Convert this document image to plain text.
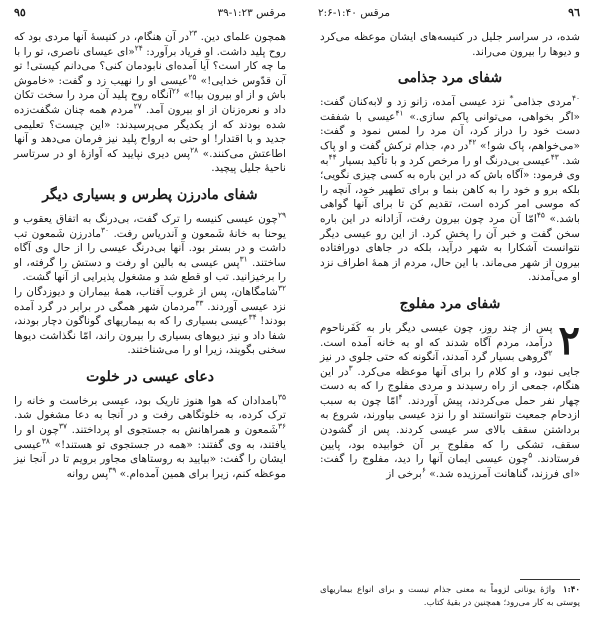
مرقس ۱:۲۳-۳۹
٩٥

همچون علمای دین. $^{۲۳}$در آن هنگام، در کنیسهٔ آنها مردی بود که روح پلید داشت. او فریاد برآورد: $^{۲۴}$«ای عیسای ناصری، تو را با ما چه کار است؟ آیا آمده‌ای نابودمان کنی؟ می‌دانم کیستی! تو آن قدّوس خدایی!» $^{۲۵}$عیسی او را نهیب زد و گفت: «خاموش باش و از او بیرون بیا!» $^{۲۶}$آنگاه روح پلید آن مرد را سخت تکان داد و نعره‌زنان از او بیرون آمد. $^{۲۷}$مردم همه چنان شگفت‌زده شده بودند که از یکدیگر می‌پرسیدند: «این چیست؟ تعلیمی جدید و با اقتدار! او حتی به ارواح پلید نیز فرمان می‌دهد و آنها اطاعتش می‌کنند.» $^{۲۸}$پس دیری نپایید که آوازهٔ او در سرتاسر ناحیهٔ جلیل پیچید.

شفای مادرزن پطرس و بسیاری دیگر

$^{۲۹}$چون عیسی کنیسه را ترک گفت، بی‌درنگ به اتفاق یعقوب و یوحنا به خانهٔ شَمعون و آندریاس رفت. $^{۳۰}$مادرزن شَمعون تب داشت و در بستر بود. آنها بی‌درنگ عیسی را از حال وی آگاه ساختند. $^{۳۱}$پس عیسی به بالین او رفت و دستش را گرفته، او را برخیزانید. تب او قطع شد و مشغول پذیرایی از آنها گشت.

$^{۳۲}$شامگاهان، پس از غروب آفتاب، همهٔ بیماران و دیوزدگان را نزد عیسی آوردند. $^{۳۳}$مردمان شهر همگی در برابر در گرد آمده بودند! $^{۳۴}$عیسی بسیاری را که به بیماریهای گوناگون دچار بودند، شفا داد و نیز دیوهای بسیاری را بیرون راند، امّا نگذاشت دیوها سخنی بگویند، زیرا او را می‌شناختند.

دعای عیسی در خلوت

$^{۳۵}$بامدادان که هوا هنوز تاریک بود، عیسی برخاست و خانه را ترک کرده، به خلوتگاهی رفت و در آنجا به دعا مشغول شد. $^{۳۶}$شَمعون و همراهانش به جستجوی او پرداختند. $^{۳۷}$چون او را یافتند، به وی گفتند: «همه در جستجوی تو هستند!» $^{۳۸}$عیسی ایشان را گفت: «بیایید به روستاهای مجاور برویم تا در آنجا نیز موعظه کنم، زیرا برای همین آمده‌ام.» $^{۳۹}$پس روانه

٩٦
مرقس ۱:۴۰-۲:۶

شده، در سراسر جلیل در کنیسه‌های ایشان موعظه می‌کرد و دیوها را بیرون می‌راند.

شفای مرد جذامی

$^{۴۰}$مردی جذامی* نزد عیسی آمده، زانو زد و لابه‌کنان گفت: «اگر بخواهی، می‌توانی پاکم سازی.» $^{۴۱}$عیسی با شفقت دست خود را دراز کرد، آن مرد را لمس نمود و گفت: «می‌خواهم، پاک شو!» $^{۴۲}$در دم، جذام ترکش گفت و او پاک شد. $^{۴۳}$عیسی بی‌درنگ او را مرخص کرد و با تأکید بسیار $^{۴۴}$به وی فرمود: «آگاه باش که در این باره به کسی چیزی نگویی؛ بلکه برو و خود را به کاهن بنما و برای تطهیر خود، آنچه را که موسی امر کرده است، تقدیم کن تا برای آنها گواهی باشد.» $^{۴۵}$امّا آن مرد چون بیرون رفت، آزادانه در این باره سخن گفت و خبر آن را پخش کرد. از این رو عیسی دیگر نتوانست آشکارا به شهر درآید، بلکه در جاهای دورافتاده بیرون از شهر می‌ماند. با این حال، مردم از همهٔ اطراف نزد او می‌آمدند.

شفای مرد مفلوج

۲
پس از چند روز، چون عیسی دیگر بار به کَفَرناحوم درآمد، مردم آگاه شدند که او به خانه آمده است. $^۲$گروهی بسیار گرد آمدند، آنگونه که حتی جلوی در نیز جایی نبود، و او کلام را برای آنها موعظه می‌کرد. $^۳$در این هنگام، جمعی از راه رسیدند و مردی مفلوج را که به دست چهار نفر حمل می‌کردند، پیش آوردند. $^۴$امّا چون به سبب ازدحام جمعیت نتوانستند او را نزد عیسی بیاورند، شروع به برداشتن سقف بالای سر عیسی کردند. پس از گشودن سقف، تشکی را که مفلوج بر آن خوابیده بود، پایین فرستادند. $^۵$چون عیسی ایمان آنها را دید، مفلوج را گفت: «ای فرزند، گناهانت آمرزیده شد.» $^۶$برخی از

۱:۴۰ واژهٔ یونانی لزوماً به معنی جذام نیست و برای انواع بیماریهای پوستی به کار می‌رود؛ همچنین در بقیهٔ کتاب.
